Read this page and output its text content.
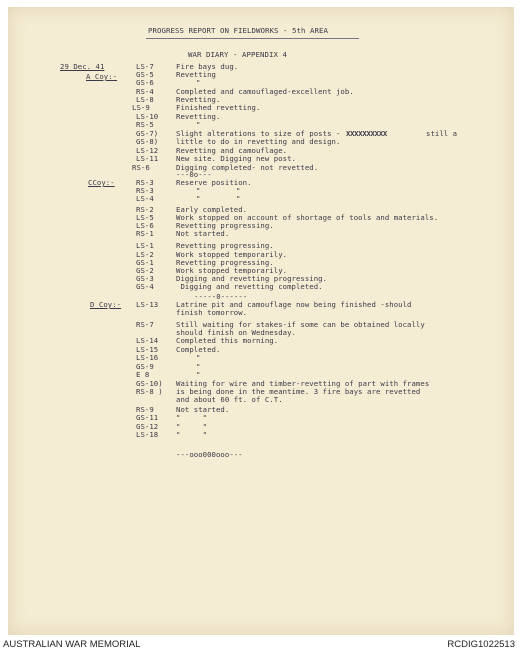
PROGRESS REPORT ON FIELDWORKS - 5th AREA
WAR DIARY - APPENDIX 4
29 Dec. 41
A Coy:-
LS-7	Fire bays dug.
GS-5	Revetting
GS-6	"
RS-4	Completed and camouflaged-excellent job.
LS-8	Revetting.
LS-9	Finished revetting.
LS-10 Revetting.
RS-5	"
GS-7) Slight alterations to size of posts - XXXXXXXXXX	still a
GS-8) little to do in revetting and design.
LS-12 Revetting and camouflage.
LS-11 New site. Digging new post.
RS-6	Digging completed- not revetted.
---0o---
CCoy:-	RS-3	Reserve position.
RS-3	"        "
LS-4	"        "
RS-2	Early completed.
LS-5	Work stopped on account of shortage of tools and materials.
LS-6	Revetting progressing.
RS-1	Not started.
LS-1	Revetting progressing.
LS-2	Work stopped temporarily.
GS-1	Revetting progressing.
GS-2	Work stopped temporarily.
GS-3	Digging and revetting progressing.
GS-4	Digging and revetting completed.
-----0------
D Coy:- LS-13 Latrine pit and camouflage now being finished -should
finish tomorrow.
RS-7	Still waiting for stakes-if some can be obtained locally
should finish on Wednesday.
LS-14 Completed this morning.
LS-15 Completed.
LS-16	"
GS-9	"
E 8	"
GS-10) Waiting for wire and timber-revetting of part with frames
RS-8 ) is being done in the meantime. 3 fire bays are revetted
and about 60 ft. of C.T.
RS-9	Not started.
GS-11 "     "
GS-12 "     "
LS-18 "     "
---ooo000ooo---
AUSTRALIAN WAR MEMORIAL	RCDIG1022513
